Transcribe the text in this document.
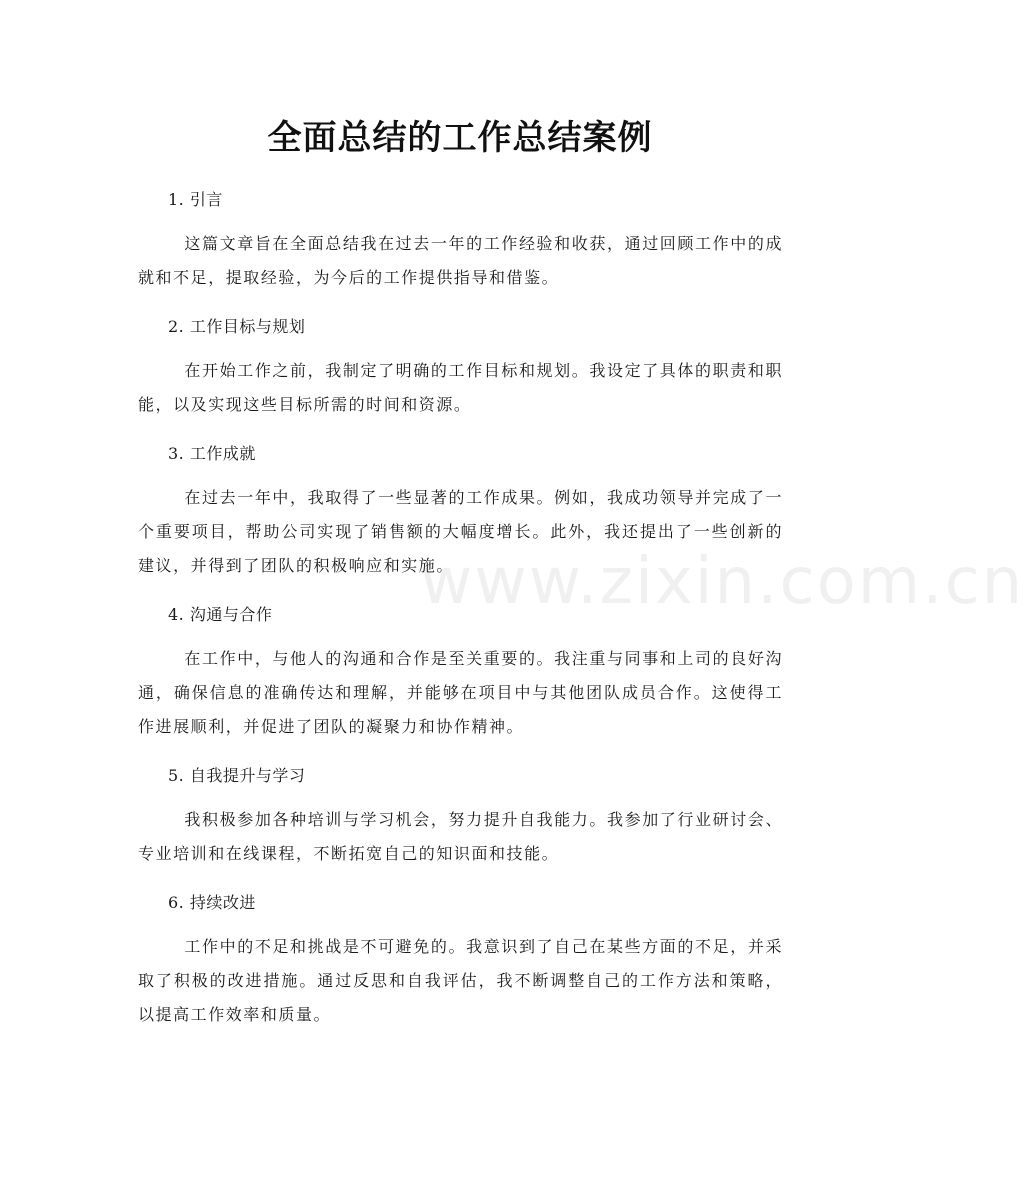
www.zixin.com.cn
全面总结的工作总结案例
1. 引言
这篇文章旨在全面总结我在过去一年的工作经验和收获，通过回顾工作中的成就和不足，提取经验，为今后的工作提供指导和借鉴。
2. 工作目标与规划
在开始工作之前，我制定了明确的工作目标和规划。我设定了具体的职责和职能，以及实现这些目标所需的时间和资源。
3. 工作成就
在过去一年中，我取得了一些显著的工作成果。例如，我成功领导并完成了一个重要项目，帮助公司实现了销售额的大幅度增长。此外，我还提出了一些创新的建议，并得到了团队的积极响应和实施。
4. 沟通与合作
在工作中，与他人的沟通和合作是至关重要的。我注重与同事和上司的良好沟通，确保信息的准确传达和理解，并能够在项目中与其他团队成员合作。这使得工作进展顺利，并促进了团队的凝聚力和协作精神。
5. 自我提升与学习
我积极参加各种培训与学习机会，努力提升自我能力。我参加了行业研讨会、专业培训和在线课程，不断拓宽自己的知识面和技能。
6. 持续改进
工作中的不足和挑战是不可避免的。我意识到了自己在某些方面的不足，并采取了积极的改进措施。通过反思和自我评估，我不断调整自己的工作方法和策略，以提高工作效率和质量。
